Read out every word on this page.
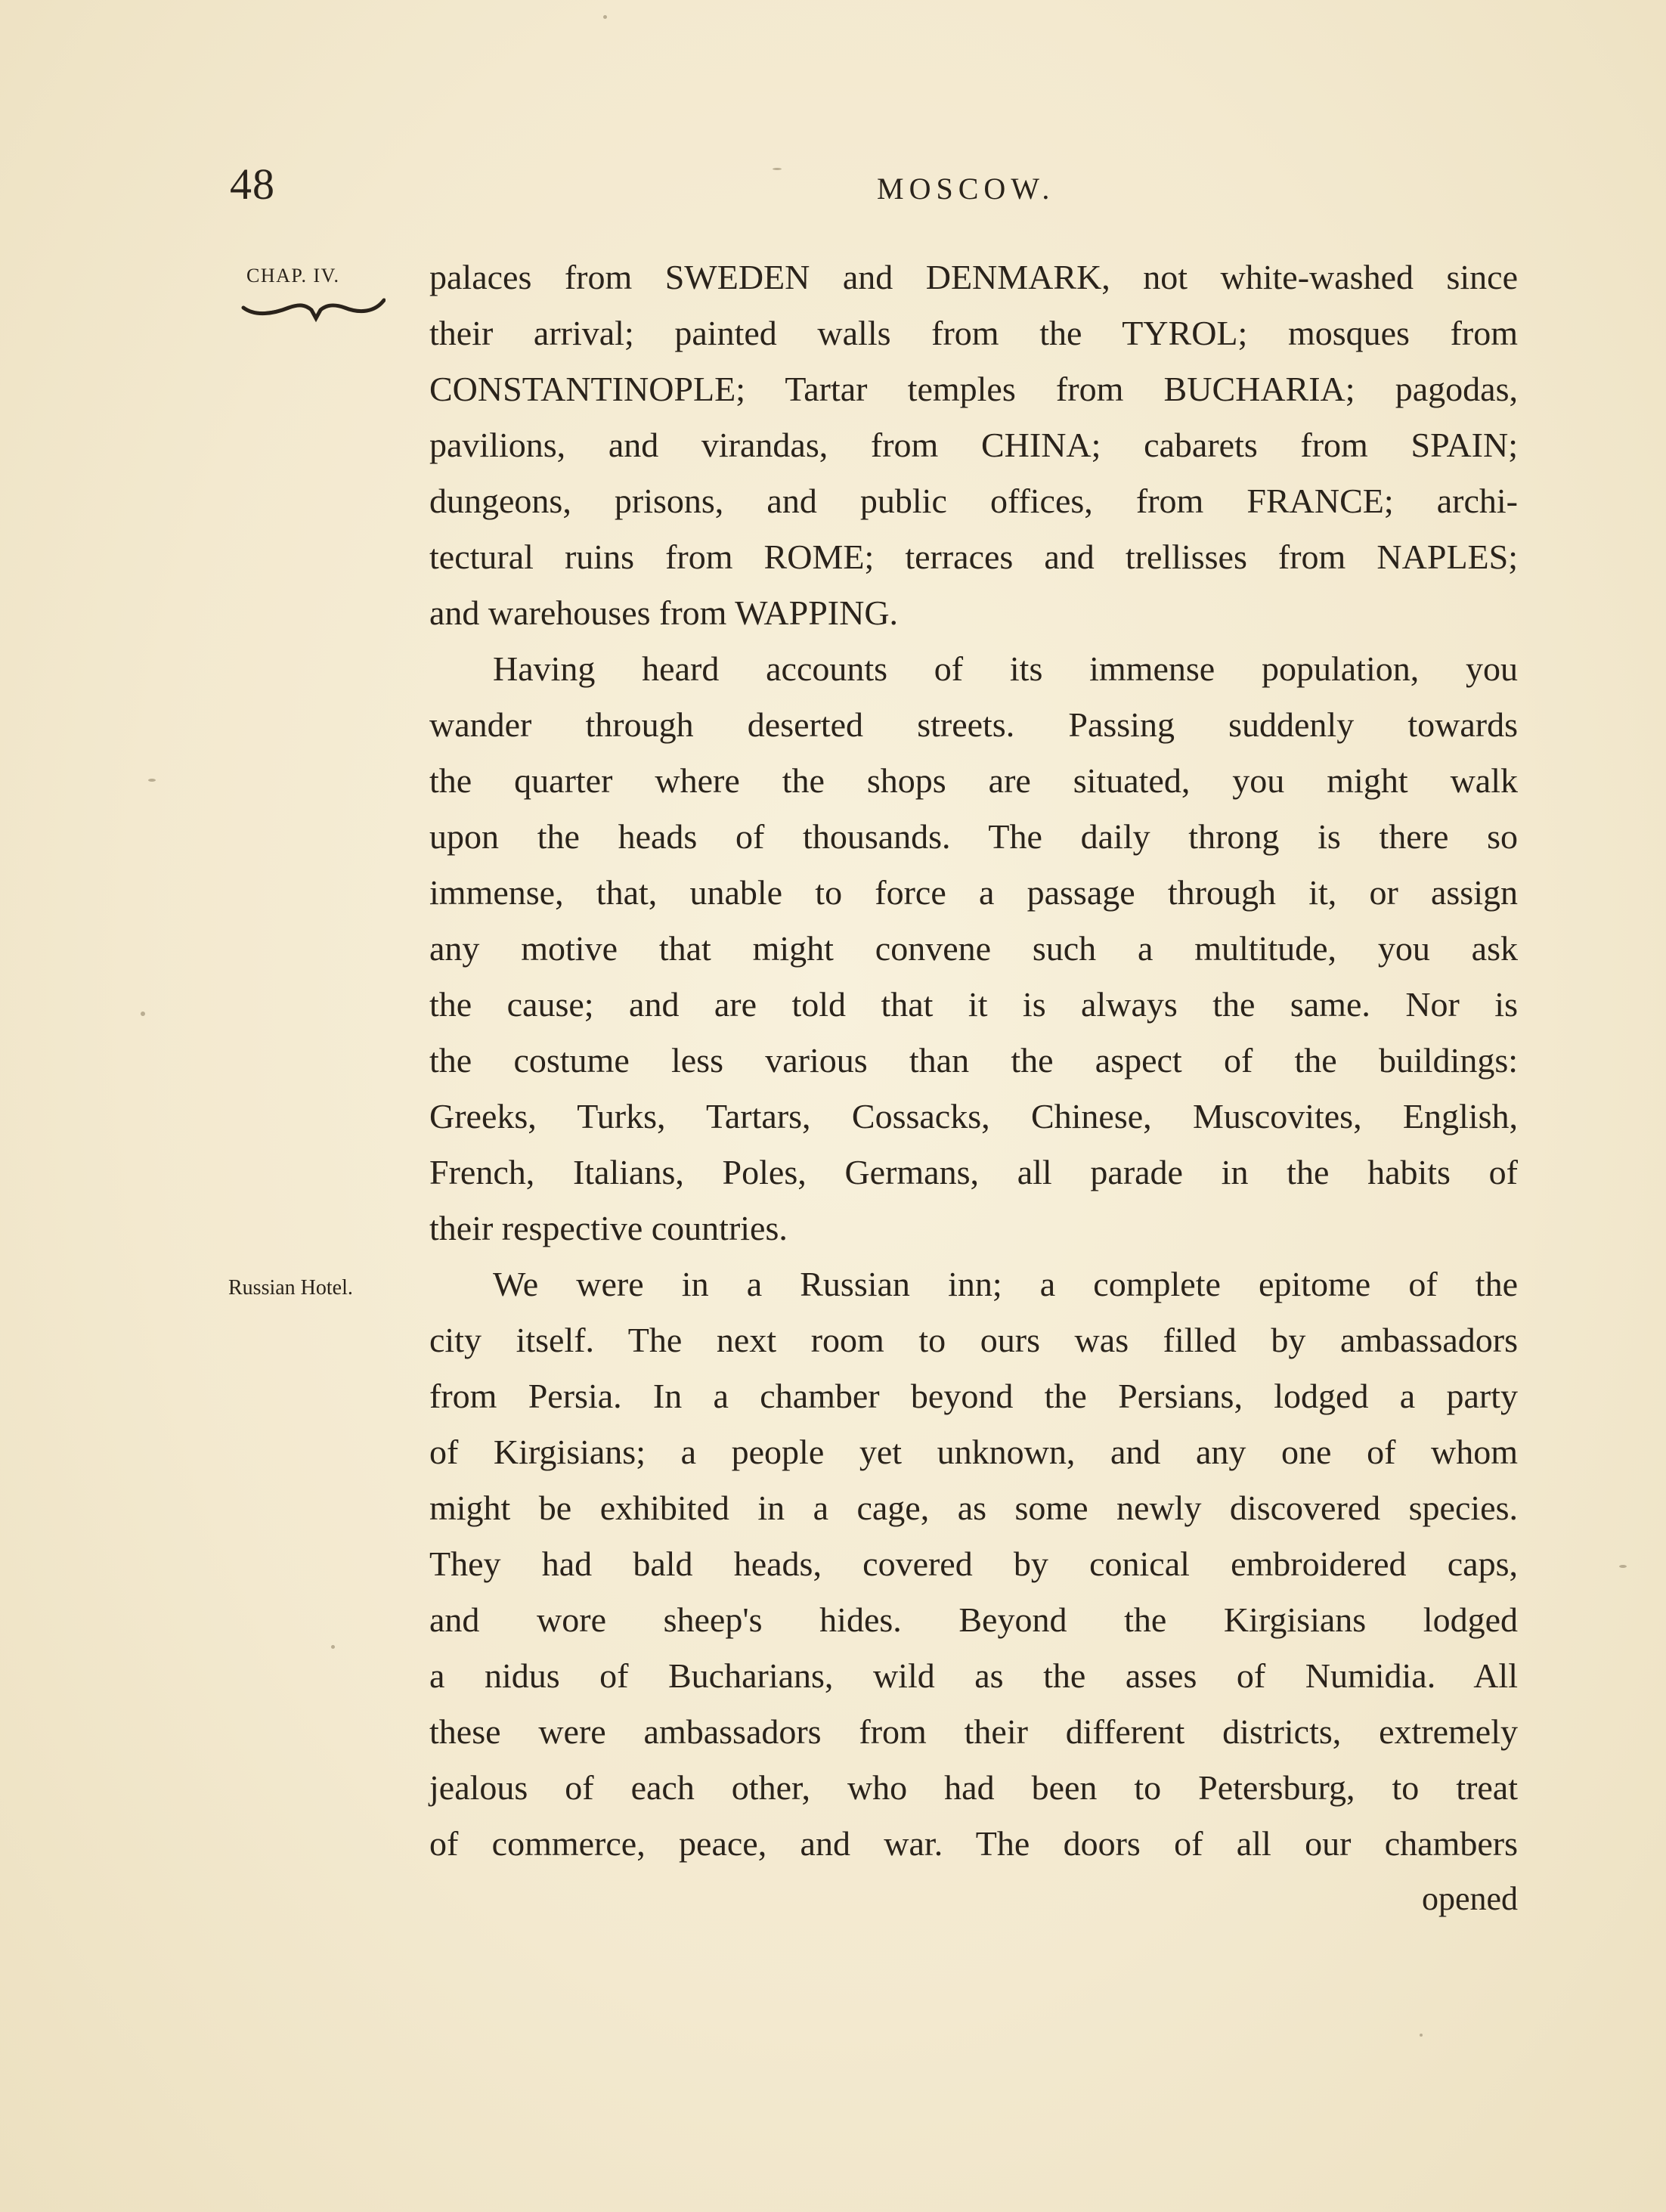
48	MOSCOW.
CHAP. IV.
Russian Hotel.
palaces from SWEDEN and DENMARK, not white-washed since
their arrival; painted walls from the TYROL; mosques from
CONSTANTINOPLE; Tartar temples from BUCHARIA; pagodas,
pavilions, and virandas, from CHINA; cabarets from SPAIN;
dungeons, prisons, and public offices, from FRANCE; archi-
tectural ruins from ROME; terraces and trellisses from NAPLES;
and warehouses from WAPPING.
Having heard accounts of its immense population, you
wander through deserted streets. Passing suddenly towards
the quarter where the shops are situated, you might walk
upon the heads of thousands. The daily throng is there so
immense, that, unable to force a passage through it, or assign
any motive that might convene such a multitude, you ask
the cause; and are told that it is always the same. Nor is
the costume less various than the aspect of the buildings:
Greeks, Turks, Tartars, Cossacks, Chinese, Muscovites, English,
French, Italians, Poles, Germans, all parade in the habits of
their respective countries.
We were in a Russian inn; a complete epitome of the
city itself. The next room to ours was filled by ambassadors
from Persia. In a chamber beyond the Persians, lodged a party
of Kirgisians; a people yet unknown, and any one of whom
might be exhibited in a cage, as some newly discovered species.
They had bald heads, covered by conical embroidered caps,
and wore sheep's hides. Beyond the Kirgisians lodged
a nidus of Bucharians, wild as the asses of Numidia. All
these were ambassadors from their different districts, extremely
jealous of each other, who had been to Petersburg, to treat
of commerce, peace, and war. The doors of all our chambers
opened
